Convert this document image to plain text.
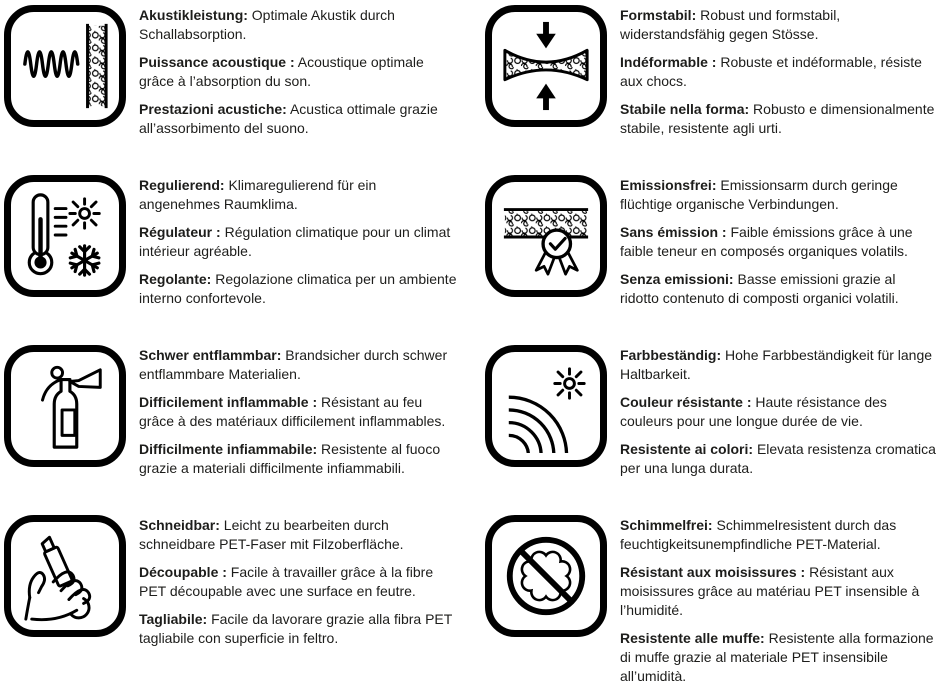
Akustikleistung: Optimale Akustik durch Schallabsorption.

Puissance acoustique : Acoustique optimale grâce à l’absorption du son.

Prestazioni acustiche: Acustica ottimale grazie all’assorbimento del suono.

Formstabil: Robust und formstabil, widerstandsfähig gegen Stösse.

Indéformable : Robuste et indéformable, résiste aux chocs.

Stabile nella forma: Robusto e dimensionalmente stabile, resistente agli urti.

Regulierend: Klimaregulierend für ein angenehmes Raumklima.

Régulateur : Régulation climatique pour un climat intérieur agréable.

Regolante: Regolazione climatica per un ambiente interno confortevole.

Emissionsfrei: Emissionsarm durch geringe flüchtige organische Verbindungen.

Sans émission : Faible émissions grâce à une faible teneur en composés organiques volatils.

Senza emissioni: Basse emissioni grazie al ridotto contenuto di composti organici volatili.

Schwer entflammbar: Brandsicher durch schwer entflammbare Materialien.

Difficilement inflammable : Résistant au feu grâce à des matériaux difficilement inflammables.

Difficilmente infiammabile: Resistente al fuoco grazie a materiali difficilmente infiammabili.

Farbbeständig: Hohe Farbbeständigkeit für lange Haltbarkeit.

Couleur résistante : Haute résistance des couleurs pour une longue durée de vie.

Resistente ai colori: Elevata resistenza cromatica per una lunga durata.

Schneidbar: Leicht zu bearbeiten durch schneidbare PET-Faser mit Filzoberfläche.

Découpable : Facile à travailler grâce à la fibre PET découpable avec une surface en feutre.

Tagliabile: Facile da lavorare grazie alla fibra PET tagliabile con superficie in feltro.

Schimmelfrei: Schimmelresistent durch das feuchtigkeitsunempfindliche PET-Material.

Résistant aux moisissures : Résistant aux moisissures grâce au matériau PET insensible à l’humidité.

Resistente alle muffe: Resistente alla formazione di muffe grazie al materiale PET insensibile all’umidità.
